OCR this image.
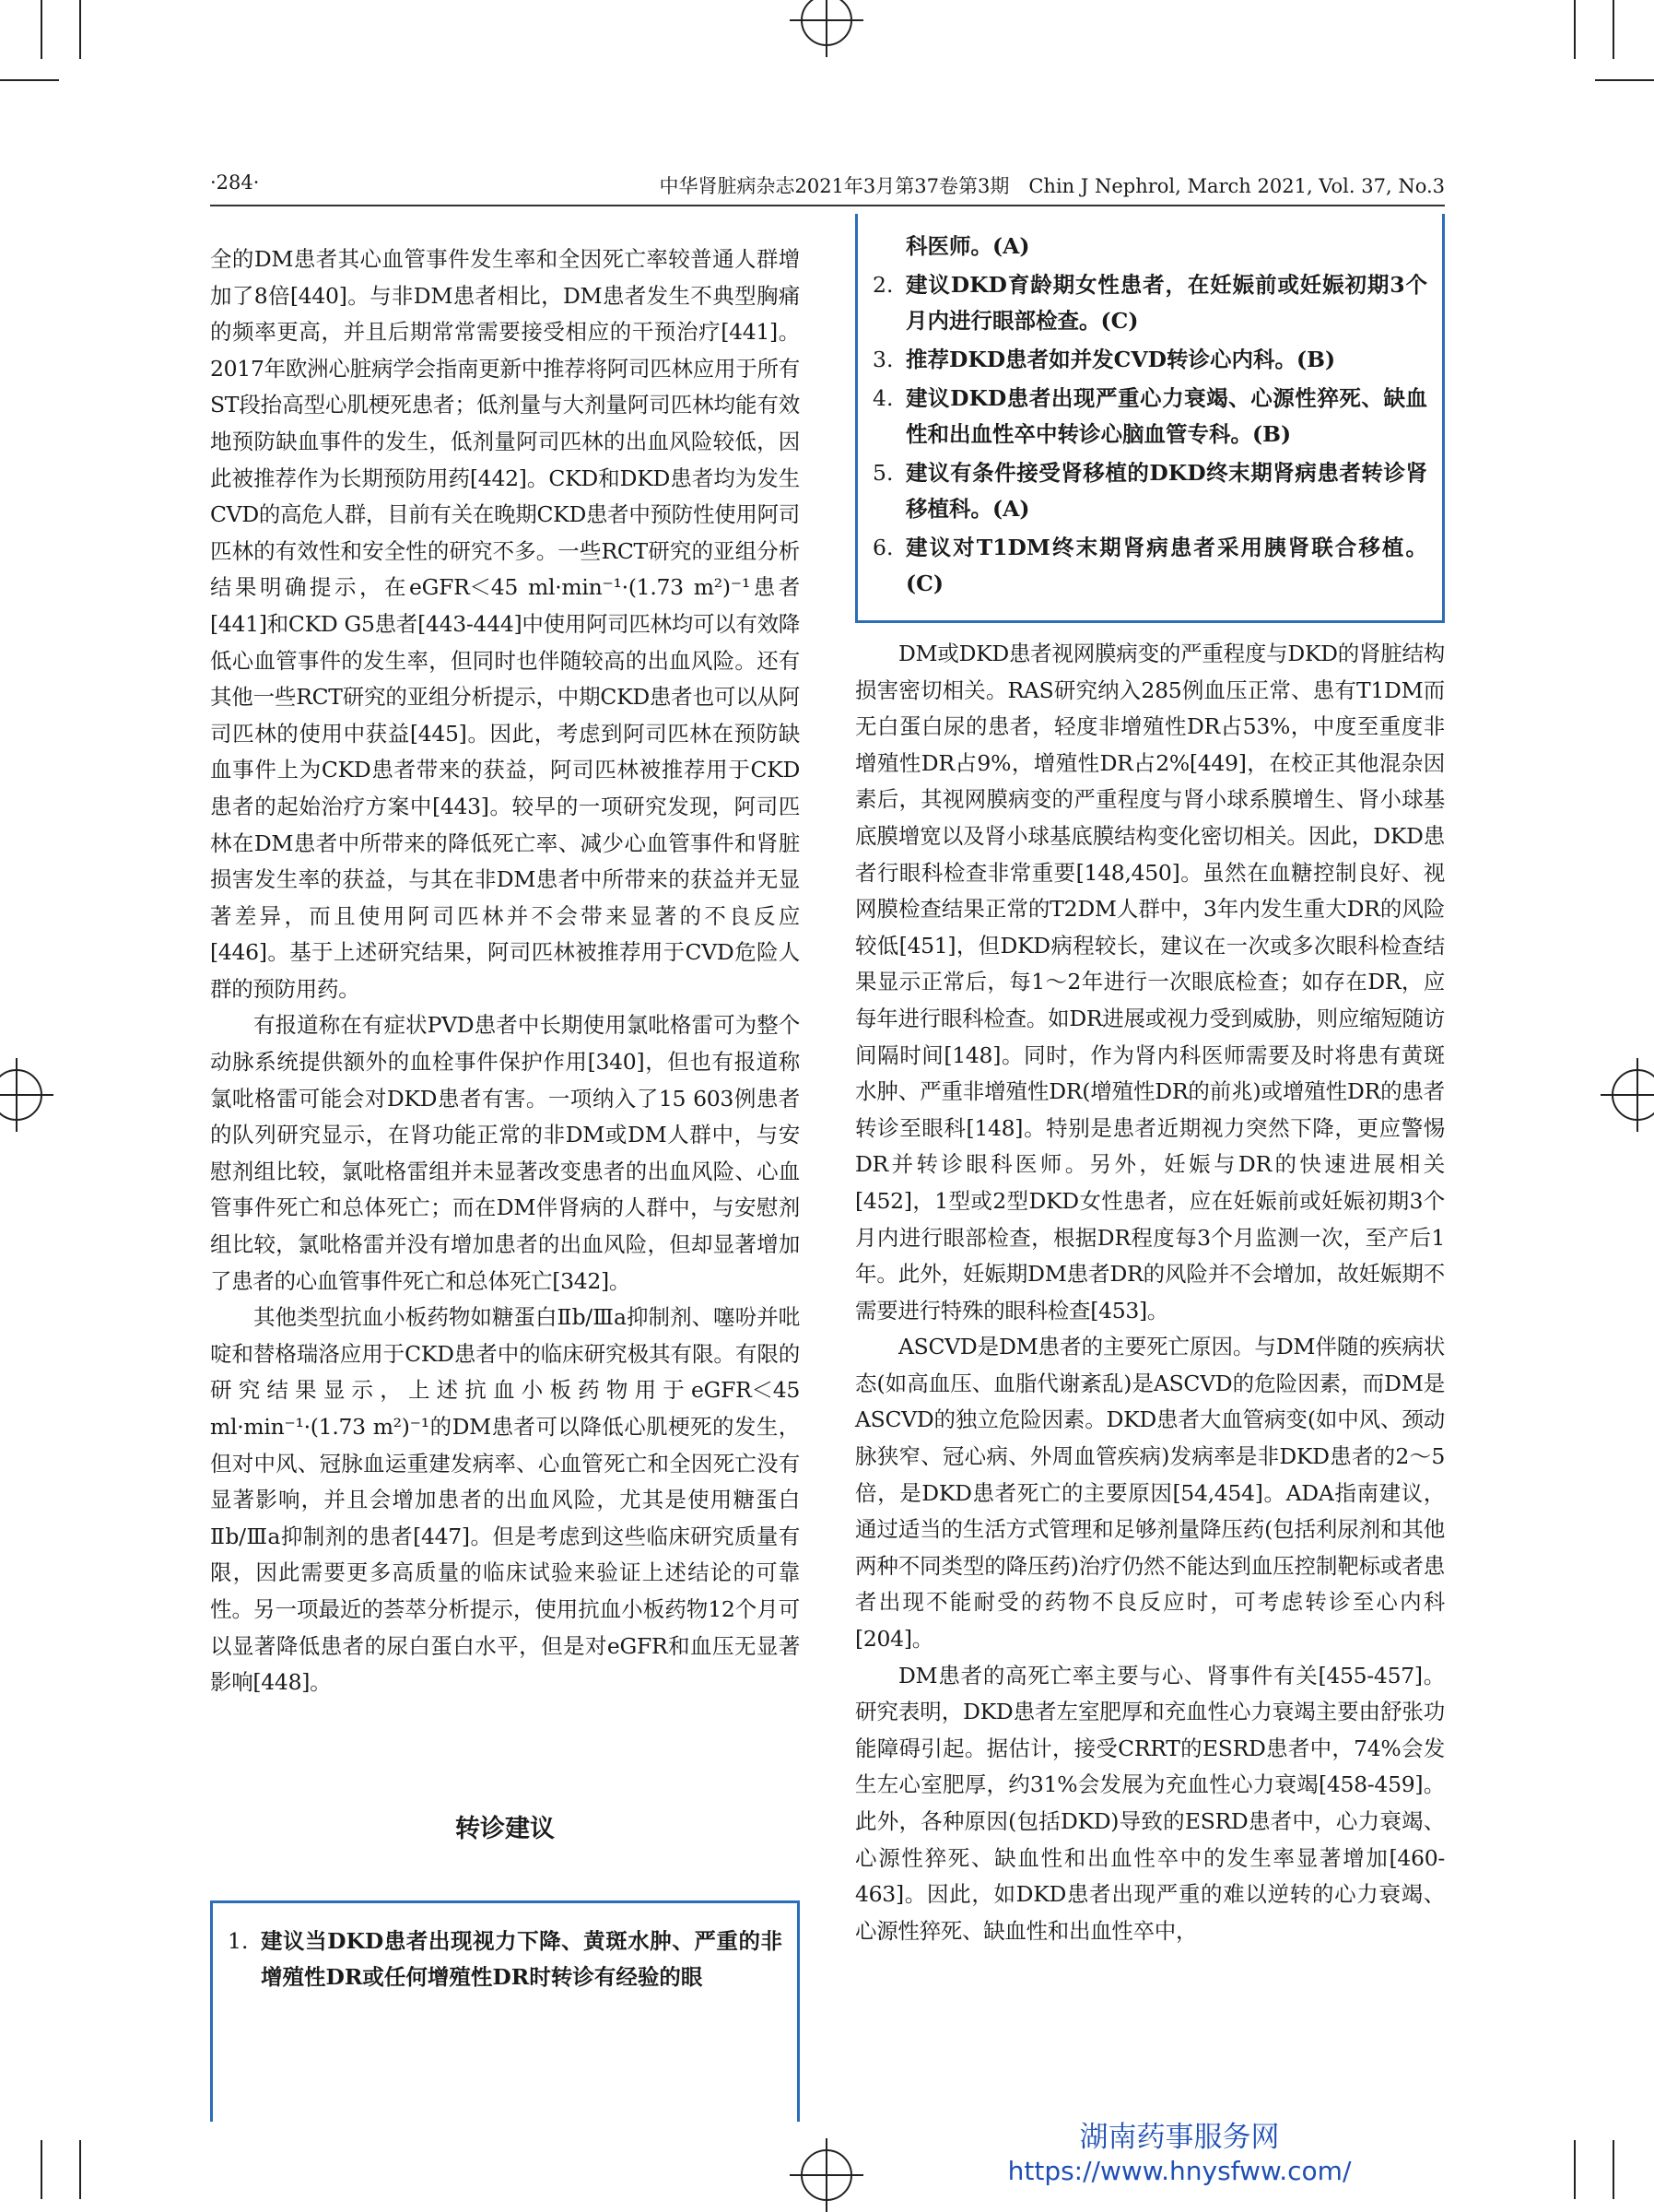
·284·	中华肾脏病杂志2021年3月第37卷第3期　Chin J Nephrol, March 2021, Vol. 37, No.3

全的DM患者其心血管事件发生率和全因死亡率较普通人群增加了8倍[440]。与非DM患者相比，DM患者发生不典型胸痛的频率更高，并且后期常常需要接受相应的干预治疗[441]。2017年欧洲心脏病学会指南更新中推荐将阿司匹林应用于所有ST段抬高型心肌梗死患者；低剂量与大剂量阿司匹林均能有效地预防缺血事件的发生，低剂量阿司匹林的出血风险较低，因此被推荐作为长期预防用药[442]。CKD和DKD患者均为发生CVD的高危人群，目前有关在晚期CKD患者中预防性使用阿司匹林的有效性和安全性的研究不多。一些RCT研究的亚组分析结果明确提示，在eGFR＜45 ml·min⁻¹·(1.73 m²)⁻¹患者[441]和CKD G5患者[443-444]中使用阿司匹林均可以有效降低心血管事件的发生率，但同时也伴随较高的出血风险。还有其他一些RCT研究的亚组分析提示，中期CKD患者也可以从阿司匹林的使用中获益[445]。因此，考虑到阿司匹林在预防缺血事件上为CKD患者带来的获益，阿司匹林被推荐用于CKD患者的起始治疗方案中[443]。较早的一项研究发现，阿司匹林在DM患者中所带来的降低死亡率、减少心血管事件和肾脏损害发生率的获益，与其在非DM患者中所带来的获益并无显著差异，而且使用阿司匹林并不会带来显著的不良反应[446]。基于上述研究结果，阿司匹林被推荐用于CVD危险人群的预防用药。

有报道称在有症状PVD患者中长期使用氯吡格雷可为整个动脉系统提供额外的血栓事件保护作用[340]，但也有报道称氯吡格雷可能会对DKD患者有害。一项纳入了15 603例患者的队列研究显示，在肾功能正常的非DM或DM人群中，与安慰剂组比较，氯吡格雷组并未显著改变患者的出血风险、心血管事件死亡和总体死亡；而在DM伴肾病的人群中，与安慰剂组比较，氯吡格雷并没有增加患者的出血风险，但却显著增加了患者的心血管事件死亡和总体死亡[342]。

其他类型抗血小板药物如糖蛋白Ⅱb/Ⅲa抑制剂、噻吩并吡啶和替格瑞洛应用于CKD患者中的临床研究极其有限。有限的研究结果显示，上述抗血小板药物用于eGFR＜45 ml·min⁻¹·(1.73 m²)⁻¹的DM患者可以降低心肌梗死的发生，但对中风、冠脉血运重建发病率、心血管死亡和全因死亡没有显著影响，并且会增加患者的出血风险，尤其是使用糖蛋白Ⅱb/Ⅲa抑制剂的患者[447]。但是考虑到这些临床研究质量有限，因此需要更多高质量的临床试验来验证上述结论的可靠性。另一项最近的荟萃分析提示，使用抗血小板药物12个月可以显著降低患者的尿白蛋白水平，但是对eGFR和血压无显著影响[448]。

转诊建议
1. 建议当DKD患者出现视力下降、黄斑水肿、严重的非增殖性DR或任何增殖性DR时转诊有经验的眼
科医师。(A)
2. 建议DKD育龄期女性患者，在妊娠前或妊娠初期3个月内进行眼部检查。(C)
3. 推荐DKD患者如并发CVD转诊心内科。(B)
4. 建议DKD患者出现严重心力衰竭、心源性猝死、缺血性和出血性卒中转诊心脑血管专科。(B)
5. 建议有条件接受肾移植的DKD终末期肾病患者转诊肾移植科。(A)
6. 建议对T1DM终末期肾病患者采用胰肾联合移植。(C)

DM或DKD患者视网膜病变的严重程度与DKD的肾脏结构损害密切相关。RAS研究纳入285例血压正常、患有T1DM而无白蛋白尿的患者，轻度非增殖性DR占53%，中度至重度非增殖性DR占9%，增殖性DR占2%[449]，在校正其他混杂因素后，其视网膜病变的严重程度与肾小球系膜增生、肾小球基底膜增宽以及肾小球基底膜结构变化密切相关。因此，DKD患者行眼科检查非常重要[148,450]。虽然在血糖控制良好、视网膜检查结果正常的T2DM人群中，3年内发生重大DR的风险较低[451]，但DKD病程较长，建议在一次或多次眼科检查结果显示正常后，每1～2年进行一次眼底检查；如存在DR，应每年进行眼科检查。如DR进展或视力受到威胁，则应缩短随访间隔时间[148]。同时，作为肾内科医师需要及时将患有黄斑水肿、严重非增殖性DR(增殖性DR的前兆)或增殖性DR的患者转诊至眼科[148]。特别是患者近期视力突然下降，更应警惕DR并转诊眼科医师。另外，妊娠与DR的快速进展相关[452]，1型或2型DKD女性患者，应在妊娠前或妊娠初期3个月内进行眼部检查，根据DR程度每3个月监测一次，至产后1年。此外，妊娠期DM患者DR的风险并不会增加，故妊娠期不需要进行特殊的眼科检查[453]。

ASCVD是DM患者的主要死亡原因。与DM伴随的疾病状态(如高血压、血脂代谢紊乱)是ASCVD的危险因素，而DM是ASCVD的独立危险因素。DKD患者大血管病变(如中风、颈动脉狭窄、冠心病、外周血管疾病)发病率是非DKD患者的2～5倍，是DKD患者死亡的主要原因[54,454]。ADA指南建议，通过适当的生活方式管理和足够剂量降压药(包括利尿剂和其他两种不同类型的降压药)治疗仍然不能达到血压控制靶标或者患者出现不能耐受的药物不良反应时，可考虑转诊至心内科[204]。

DM患者的高死亡率主要与心、肾事件有关[455-457]。研究表明，DKD患者左室肥厚和充血性心力衰竭主要由舒张功能障碍引起。据估计，接受CRRT的ESRD患者中，74%会发生左心室肥厚，约31%会发展为充血性心力衰竭[458-459]。此外，各种原因(包括DKD)导致的ESRD患者中，心力衰竭、心源性猝死、缺血性和出血性卒中的发生率显著增加[460-463]。因此，如DKD患者出现严重的难以逆转的心力衰竭、心源性猝死、缺血性和出血性卒中，

湖南药事服务网
https://www.hnysfww.com/
